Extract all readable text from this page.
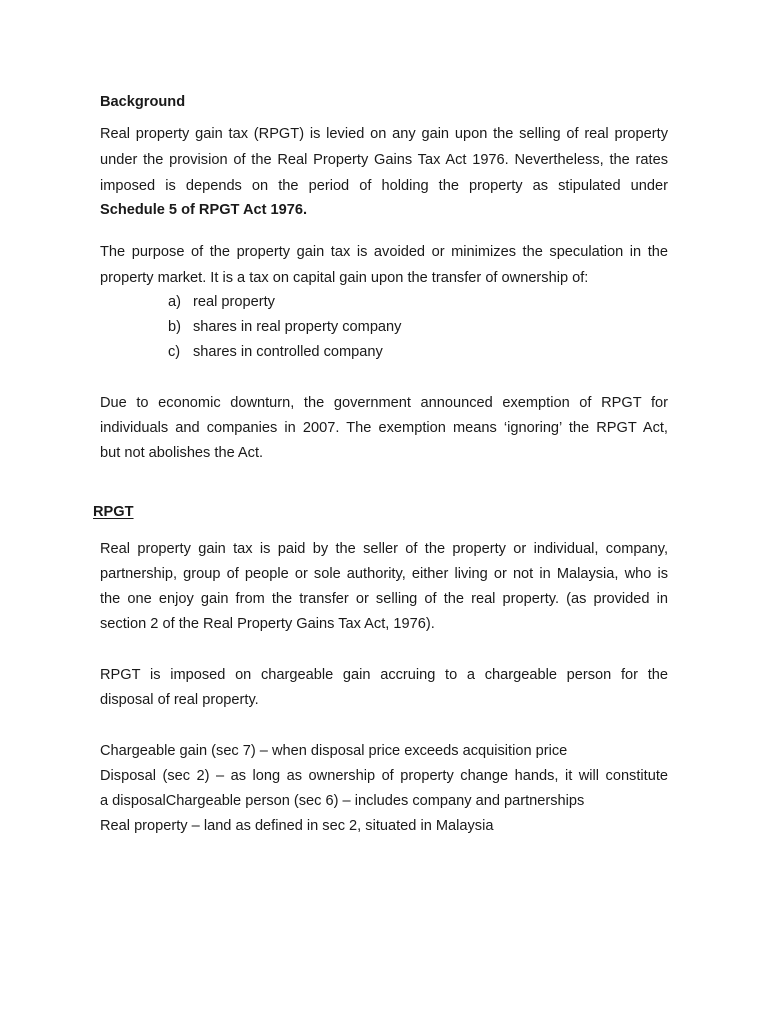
Background
Real property gain tax (RPGT) is levied on any gain upon the selling of real property
under the provision of the Real Property Gains Tax Act 1976. Nevertheless, the rates
imposed is depends on the period of holding the property as stipulated under
Schedule 5 of RPGT Act 1976.
The purpose of the property gain tax is avoided or minimizes the speculation in the
property market. It is a tax on capital gain upon the transfer of ownership of:
a) real property
b) shares in real property company
c) shares in controlled company
Due to economic downturn, the government announced exemption of RPGT for
individuals and companies in 2007. The exemption means ‘ignoring’ the RPGT Act,
but not abolishes the Act.
RPGT
Real property gain tax is paid by the seller of the property or individual, company,
partnership, group of people or sole authority, either living or not in Malaysia, who is
the one enjoy gain from the transfer or selling of the real property. (as provided in
section 2 of the Real Property Gains Tax Act, 1976).
RPGT is imposed on chargeable gain accruing to a chargeable person for the
disposal of real property.
Chargeable gain (sec 7) – when disposal price exceeds acquisition price
Disposal (sec 2) – as long as ownership of property change hands, it will constitute
a disposalChargeable person (sec 6) – includes company and partnerships
Real property – land as defined in sec 2, situated in Malaysia
